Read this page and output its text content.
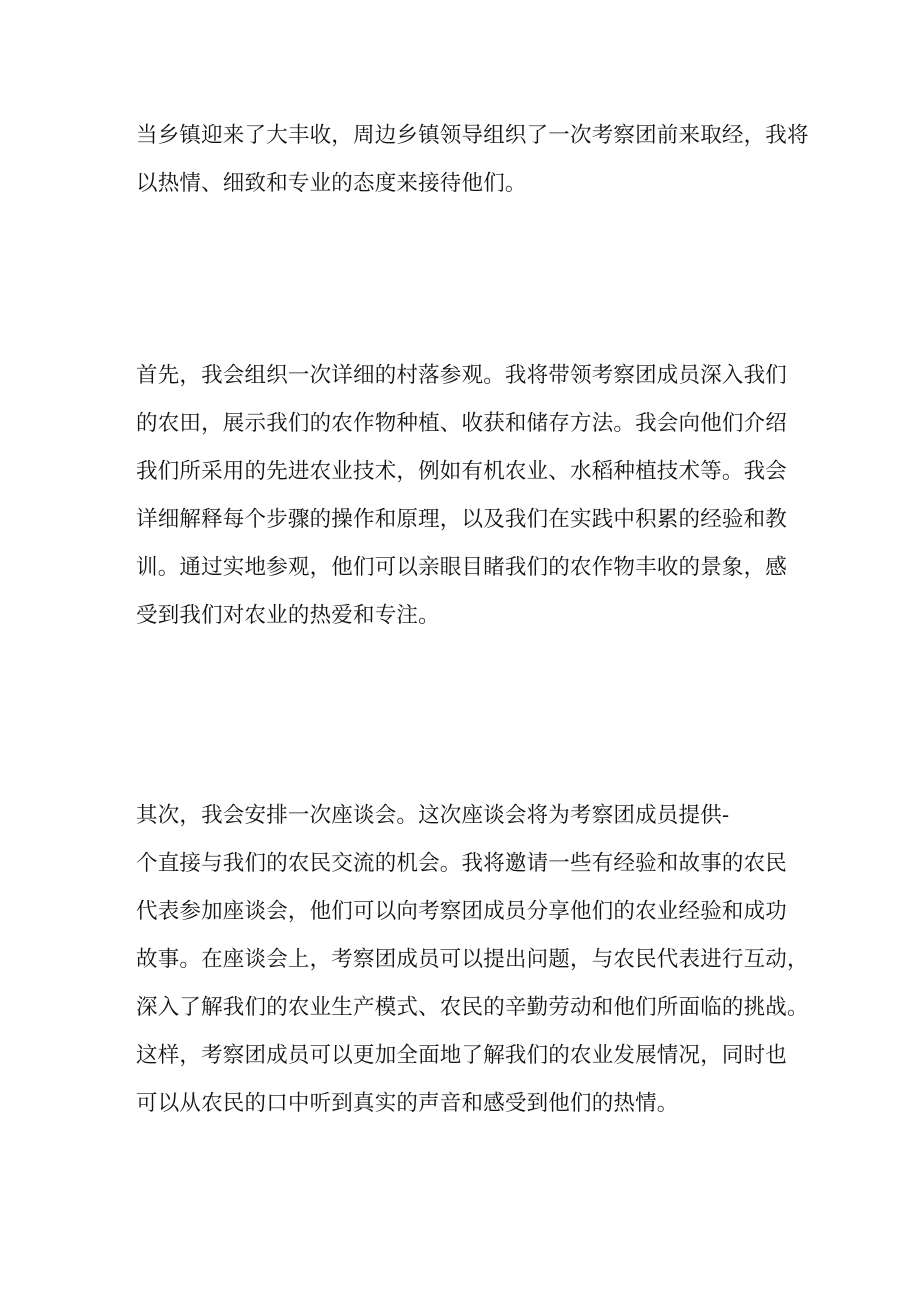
当乡镇迎来了大丰收，周边乡镇领导组织了一次考察团前来取经，我将
以热情、细致和专业的态度来接待他们。
首先，我会组织一次详细的村落参观。我将带领考察团成员深入我们
的农田，展示我们的农作物种植、收获和储存方法。我会向他们介绍
我们所采用的先进农业技术，例如有机农业、水稻种植技术等。我会
详细解释每个步骤的操作和原理，以及我们在实践中积累的经验和教
训。通过实地参观，他们可以亲眼目睹我们的农作物丰收的景象，感
受到我们对农业的热爱和专注。
其次，我会安排一次座谈会。这次座谈会将为考察团成员提供-
个直接与我们的农民交流的机会。我将邀请一些有经验和故事的农民
代表参加座谈会，他们可以向考察团成员分享他们的农业经验和成功
故事。在座谈会上，考察团成员可以提出问题，与农民代表进行互动，
深入了解我们的农业生产模式、农民的辛勤劳动和他们所面临的挑战。
这样，考察团成员可以更加全面地了解我们的农业发展情况，同时也
可以从农民的口中听到真实的声音和感受到他们的热情。
